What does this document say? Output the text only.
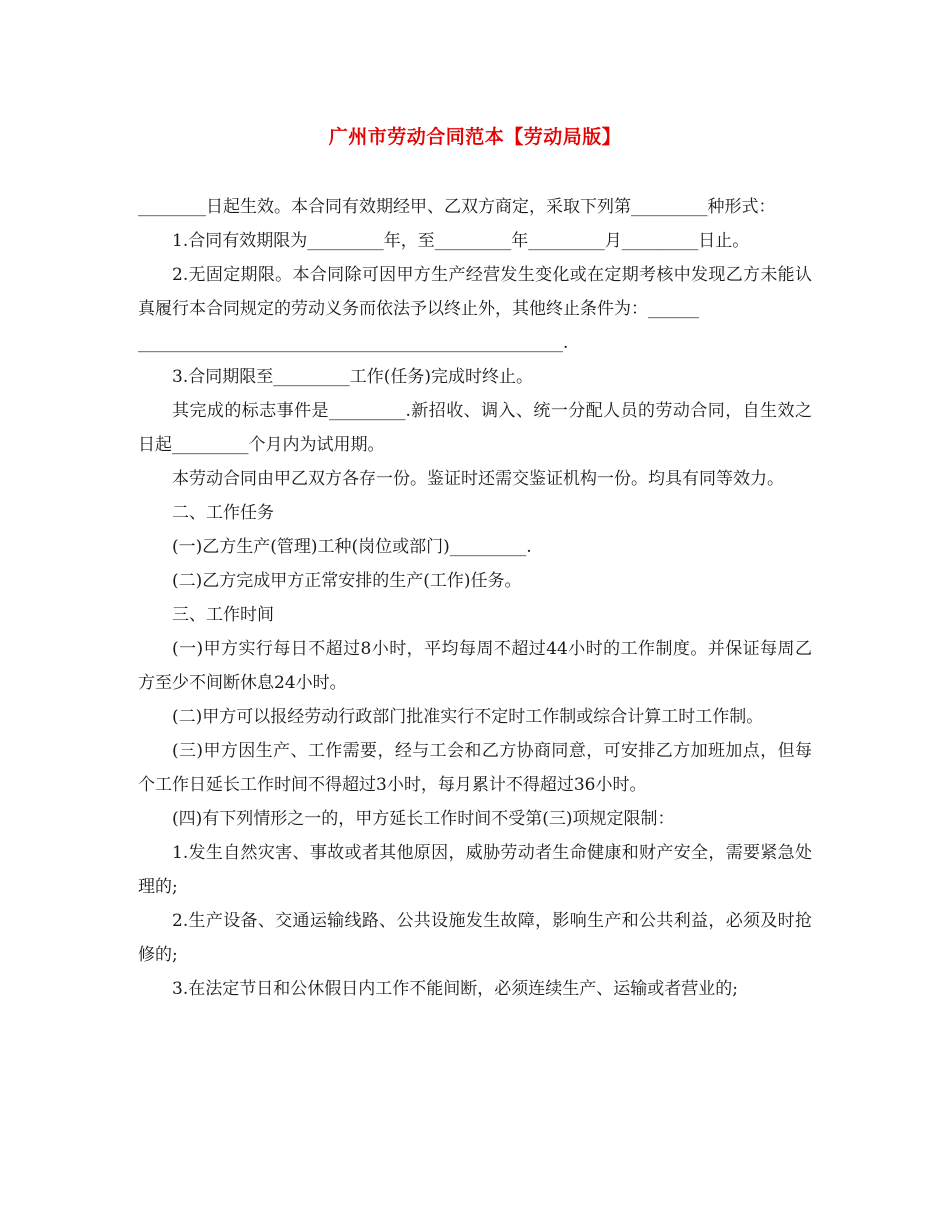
广州市劳动合同范本【劳动局版】

________日起生效。本合同有效期经甲、乙双方商定，采取下列第_________种形式：

1.合同有效期限为_________年，至_________年_________月_________日止。

2.无固定期限。本合同除可因甲方生产经营发生变化或在定期考核中发现乙方未能认真履行本合同规定的劳动义务而依法予以终止外，其他终止条件为：______

__________________________________________________.

3.合同期限至_________工作(任务)完成时终止。

其完成的标志事件是_________.新招收、调入、统一分配人员的劳动合同，自生效之日起_________个月内为试用期。

本劳动合同由甲乙双方各存一份。鉴证时还需交鉴证机构一份。均具有同等效力。

二、工作任务

(一)乙方生产(管理)工种(岗位或部门)_________.

(二)乙方完成甲方正常安排的生产(工作)任务。

三、工作时间

(一)甲方实行每日不超过8小时，平均每周不超过44小时的工作制度。并保证每周乙方至少不间断休息24小时。

(二)甲方可以报经劳动行政部门批准实行不定时工作制或综合计算工时工作制。

(三)甲方因生产、工作需要，经与工会和乙方协商同意，可安排乙方加班加点，但每个工作日延长工作时间不得超过3小时，每月累计不得超过36小时。

(四)有下列情形之一的，甲方延长工作时间不受第(三)项规定限制：

1.发生自然灾害、事故或者其他原因，威胁劳动者生命健康和财产安全，需要紧急处理的;

2.生产设备、交通运输线路、公共设施发生故障，影响生产和公共利益，必须及时抢修的;

3.在法定节日和公休假日内工作不能间断，必须连续生产、运输或者营业的;
